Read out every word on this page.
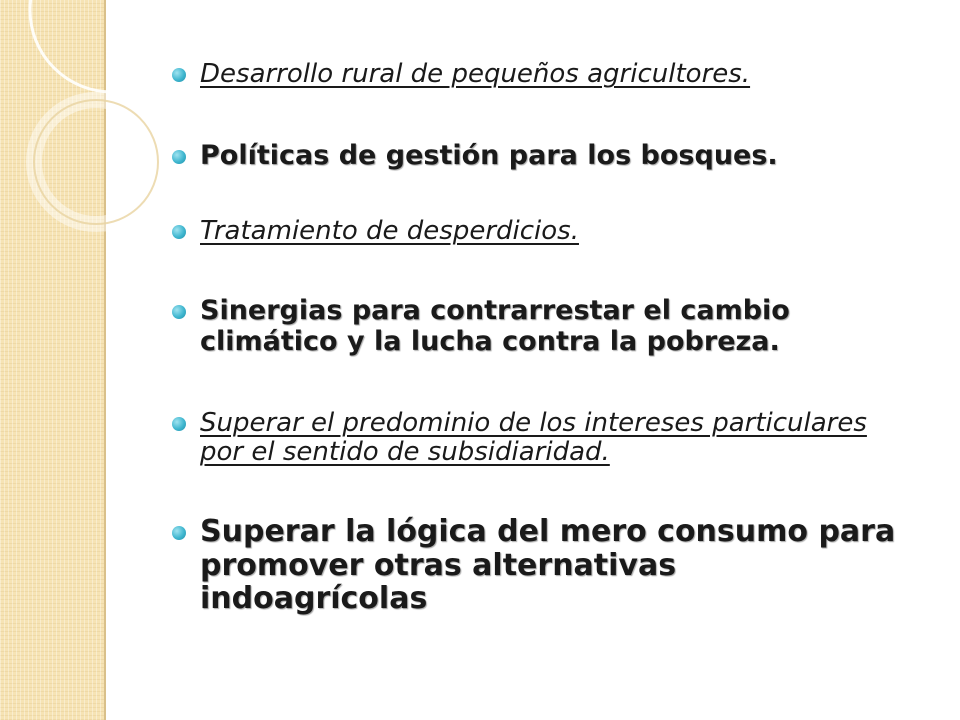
Desarrollo rural de pequeños agricultores.
Políticas de gestión para los bosques.
Tratamiento de desperdicios.
Sinergias para contrarrestar el cambio climático y la lucha contra la pobreza.
Superar el predominio de los intereses particulares por el sentido de subsidiaridad.
Superar la lógica del mero consumo para promover otras alternativas indoagrícolas
